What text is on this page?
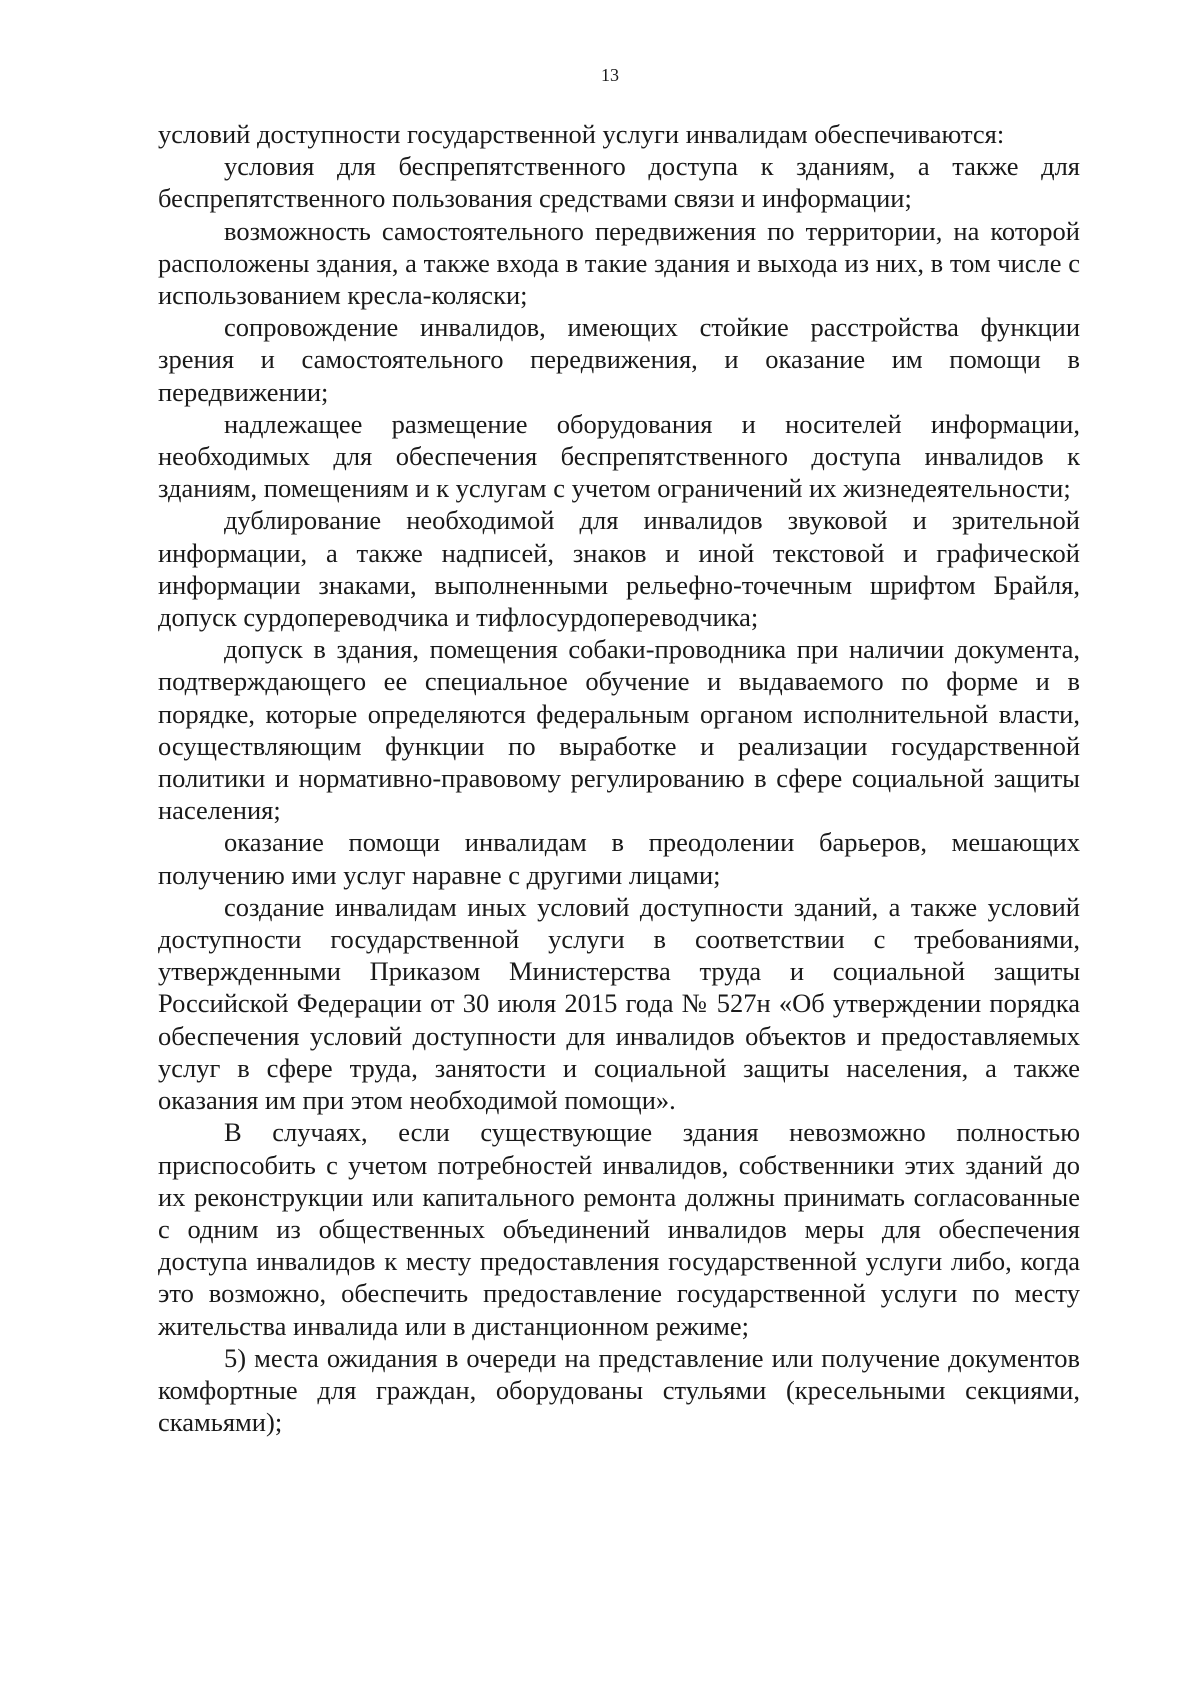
13

условий доступности государственной услуги инвалидам обеспечиваются:

условия для беспрепятственного доступа к зданиям, а также для беспрепятственного пользования средствами связи и информации;

возможность самостоятельного передвижения по территории, на которой расположены здания, а также входа в такие здания и выхода из них, в том числе с использованием кресла-коляски;

сопровождение инвалидов, имеющих стойкие расстройства функции зрения и самостоятельного передвижения, и оказание им помощи в передвижении;

надлежащее размещение оборудования и носителей информации, необходимых для обеспечения беспрепятственного доступа инвалидов к зданиям, помещениям и к услугам с учетом ограничений их жизнедеятельности;

дублирование необходимой для инвалидов звуковой и зрительной информации, а также надписей, знаков и иной текстовой и графической информации знаками, выполненными рельефно-точечным шрифтом Брайля, допуск сурдопереводчика и тифлосурдопереводчика;

допуск в здания, помещения собаки-проводника при наличии документа, подтверждающего ее специальное обучение и выдаваемого по форме и в порядке, которые определяются федеральным органом исполнительной власти, осуществляющим функции по выработке и реализации государственной политики и нормативно-правовому регулированию в сфере социальной защиты населения;

оказание помощи инвалидам в преодолении барьеров, мешающих получению ими услуг наравне с другими лицами;

создание инвалидам иных условий доступности зданий, а также условий доступности государственной услуги в соответствии с требованиями, утвержденными Приказом Министерства труда и социальной защиты Российской Федерации от 30 июля 2015 года № 527н «Об утверждении порядка обеспечения условий доступности для инвалидов объектов и предоставляемых услуг в сфере труда, занятости и социальной защиты населения, а также оказания им при этом необходимой помощи».

В случаях, если существующие здания невозможно полностью приспособить с учетом потребностей инвалидов, собственники этих зданий до их реконструкции или капитального ремонта должны принимать согласованные с одним из общественных объединений инвалидов меры для обеспечения доступа инвалидов к месту предоставления государственной услуги либо, когда это возможно, обеспечить предоставление государственной услуги по месту жительства инвалида или в дистанционном режиме;

5) места ожидания в очереди на представление или получение документов комфортные для граждан, оборудованы стульями (кресельными секциями, скамьями);
